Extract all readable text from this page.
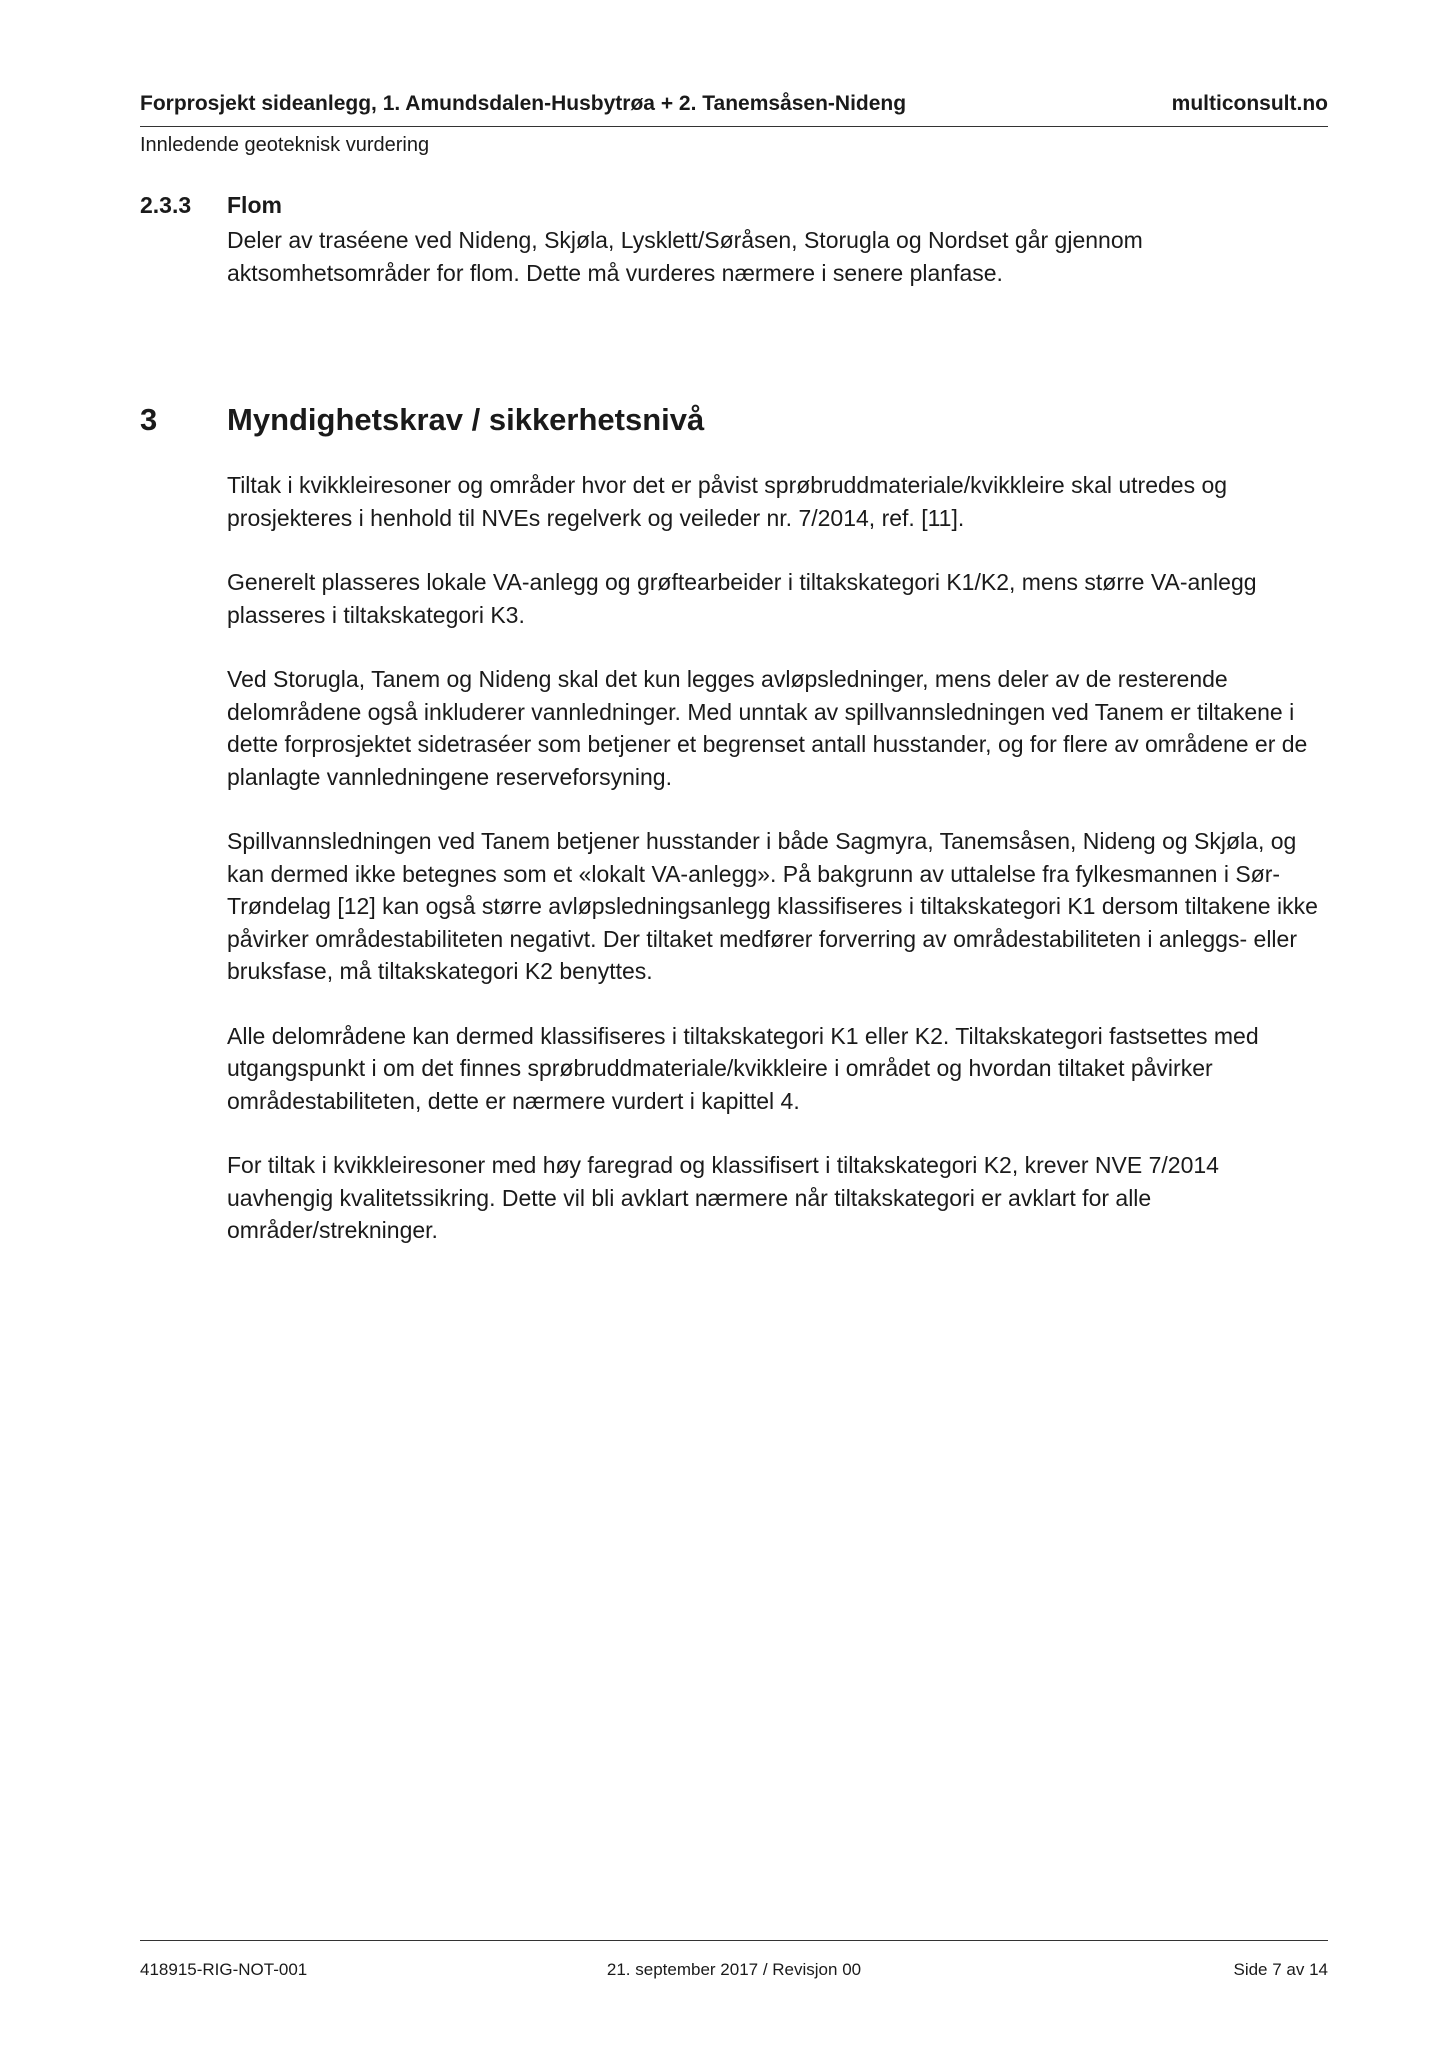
Forprosjekt sideanlegg, 1. Amundsdalen-Husbytrøa + 2. Tanemsåsen-Nideng	multiconsult.no
Innledende geoteknisk vurdering
2.3.3	Flom

Deler av traséene ved Nideng, Skjøla, Lysklett/Søråsen, Storugla og Nordset går gjennom aktsomhetsområder for flom. Dette må vurderes nærmere i senere planfase.

3	Myndighetskrav / sikkerhetsnivå

Tiltak i kvikkleiresoner og områder hvor det er påvist sprøbruddmateriale/kvikkleire skal utredes og prosjekteres i henhold til NVEs regelverk og veileder nr. 7/2014, ref. [11].

Generelt plasseres lokale VA-anlegg og grøftearbeider i tiltakskategori K1/K2, mens større VA-anlegg plasseres i tiltakskategori K3.

Ved Storugla, Tanem og Nideng skal det kun legges avløpsledninger, mens deler av de resterende delområdene også inkluderer vannledninger. Med unntak av spillvannsledningen ved Tanem er tiltakene i dette forprosjektet sidetraséer som betjener et begrenset antall husstander, og for flere av områdene er de planlagte vannledningene reserveforsyning.

Spillvannsledningen ved Tanem betjener husstander i både Sagmyra, Tanemsåsen, Nideng og Skjøla, og kan dermed ikke betegnes som et «lokalt VA-anlegg». På bakgrunn av uttalelse fra fylkesmannen i Sør-Trøndelag [12] kan også større avløpsledningsanlegg klassifiseres i tiltakskategori K1 dersom tiltakene ikke påvirker områdestabiliteten negativt. Der tiltaket medfører forverring av områdestabiliteten i anleggs- eller bruksfase, må tiltakskategori K2 benyttes.

Alle delområdene kan dermed klassifiseres i tiltakskategori K1 eller K2. Tiltakskategori fastsettes med utgangspunkt i om det finnes sprøbruddmateriale/kvikkleire i området og hvordan tiltaket påvirker områdestabiliteten, dette er nærmere vurdert i kapittel 4.

For tiltak i kvikkleiresoner med høy faregrad og klassifisert i tiltakskategori K2, krever NVE 7/2014 uavhengig kvalitetssikring. Dette vil bli avklart nærmere når tiltakskategori er avklart for alle områder/strekninger.

418915-RIG-NOT-001	21. september 2017 / Revisjon 00	Side 7 av 14
